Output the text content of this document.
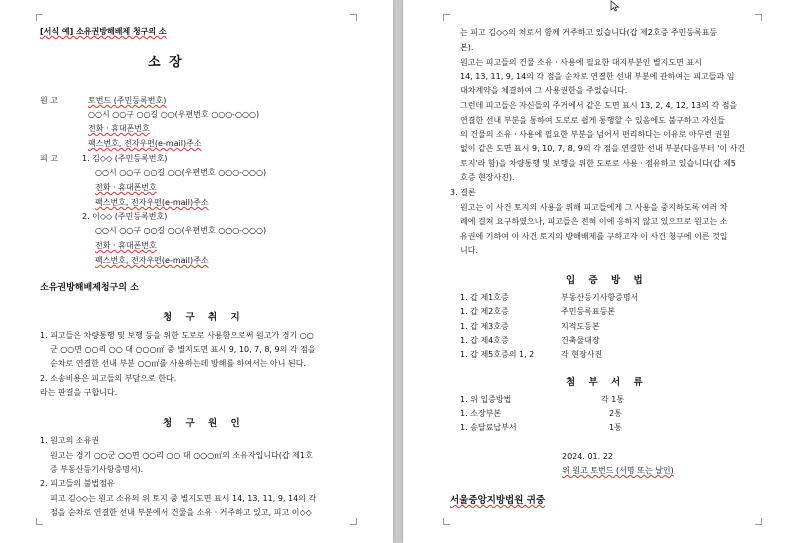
[서식 예] 소유권방해배제 청구의 소
소 장
원 고	토번드 (주민등록번호)
○○시 ○○구 ○○길 ○○(우편번호 ○○○-○○○)
전화 · 휴대폰번호
팩스번호, 전자우편(e-mail)주소
피 고	1. 김◇◇ (주민등록번호)
○○시 ○○구 ○○길 ○○(우편번호 ○○○-○○○)
전화 · 휴대폰번호
팩스번호, 전자우편(e-mail)주소
2. 이◇◇ (주민등록번호)
○○시 ○○구 ○○길 ○○(우편번호 ○○○-○○○)
전화 · 휴대폰번호
팩스번호, 전자우편(e-mail)주소
소유권방해배제청구의 소
청 구 취 지
1. 피고들은 차량통행 및 보행 등을 위한 도로로 사용함으로써 원고가 경기 ○○
군 ○○면 ○○리 ○○ 대 ○○○㎡ 중 별지도면 표시 9, 10, 7, 8, 9의 각 점을
순차로 연결한 선내 부분 ○○㎡를 사용하는데 방해를 하여서는 아니 된다.
2. 소송비용은 피고들의 부담으로 한다.
라는 판결을 구합니다.
청 구 원 인
1. 원고의 소유권
원고는 경기 ○○군 ○○면 ○○리 ○○ 대 ○○○㎡의 소유자입니다(갑 제1호
증 부동산등기사항증명서).
2. 피고들의 불법점유
피고 김◇◇는 원고 소유의 위 토지 중 별지도면 표시 14, 13, 11, 9, 14의 각
점을 순차로 연결한 선내 부분에서 건물을 소유 · 거주하고 있고, 피고 이◇◇
는 피고 김◇◇의 처로서 함께 거주하고 있습니다(갑 제2호증 주민등록표등
본).
원고는 피고들의 건물 소유 · 사용에 필요한 대지부분인 별지도면 표시
14, 13, 11, 9, 14의 각 점을 순차로 연결한 선내 부분에 관하여는 피고들과 임
대차계약을 체결하여 그 사용권한을 주었습니다.
그런데 피고들은 자신들의 주거에서 같은 도면 표시 13, 2, 4, 12, 13의 각 점을
연결한 선내 부분을 통하여 도로로 쉽게 통행할 수 있음에도 불구하고 자신들
의 건물의 소유 · 사용에 필요한 부분을 넘어서 편리하다는 이유로 아무런 권원
없이 같은 도면 표시 9, 10, 7, 8, 9의 각 점을 연결한 선내 부분(다음부터 '이 사건
토지'라 함)을 차량통행 및 보행을 위한 도로로 사용 · 점유하고 있습니다(갑 제5
호증 현장사진).
3. 결론
원고는 이 사건 토지의 사용을 위해 피고들에게 그 사용을 중지하도록 여러 차
례에 걸쳐 요구하였으나, 피고들은 전혀 이에 응하지 않고 있으므로 원고는 소
유권에 기하여 이 사건 토지의 방해배제를 구하고자 이 사건 청구에 이른 것입
니다.
입 증 방 법
1. 갑 제1호증	부동산등기사항증명서
1. 갑 제2호증	주민등록표등본
1. 갑 제3호증	지적도등본
1. 갑 제4호증	건축물대장
1. 갑 제5호증의 1, 2	각 현장사진
첨 부 서 류
1. 위 입증방법	각 1통
1. 소장부본	2통
1. 송달료납부서	1통
2024. 01. 22
위 원고 토번드 (서명 또는 날인)
서울중앙지방법원 귀중
